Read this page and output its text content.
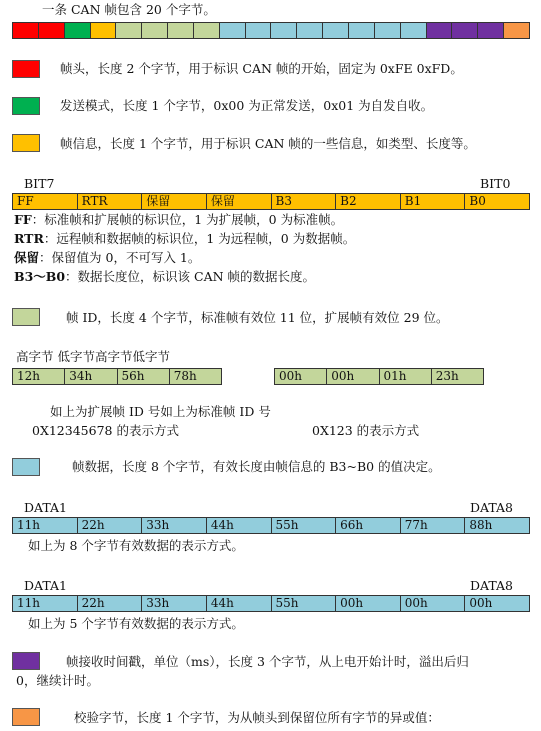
一条 CAN 帧包含 20 个字节。
帧头，长度 2 个字节，用于标识 CAN 帧的开始，固定为 0xFE 0xFD。
发送模式，长度 1 个字节，0x00 为正常发送，0x01 为自发自收。
帧信息，长度 1 个字节，用于标识 CAN 帧的一些信息，如类型、长度等。
BIT7	BIT0
FF	RTR	保留	保留	B3	B2	B1	B0
FF：标准帧和扩展帧的标识位，1 为扩展帧，0 为标准帧。
RTR：远程帧和数据帧的标识位，1 为远程帧，0 为数据帧。
保留：保留值为 0，不可写入 1。
B3～B0：数据长度位，标识该 CAN 帧的数据长度。
帧 ID，长度 4 个字节，标准帧有效位 11 位，扩展帧有效位 29 位。
高字节 低字节高字节低字节
12h	34h	56h	78h	00h	00h	01h	23h
如上为扩展帧 ID 号如上为标准帧 ID 号
0X12345678 的表示方式	0X123 的表示方式
帧数据，长度 8 个字节，有效长度由帧信息的 B3~B0 的值决定。
DATA1	DATA8
11h	22h	33h	44h	55h	66h	77h	88h
如上为 8 个字节有效数据的表示方式。
DATA1	DATA8
11h	22h	33h	44h	55h	00h	00h	00h
如上为 5 个字节有效数据的表示方式。
帧接收时间戳，单位（ms），长度 3 个字节，从上电开始计时，溢出后归
0，继续计时。
校验字节，长度 1 个字节，为从帧头到保留位所有字节的异或值：
